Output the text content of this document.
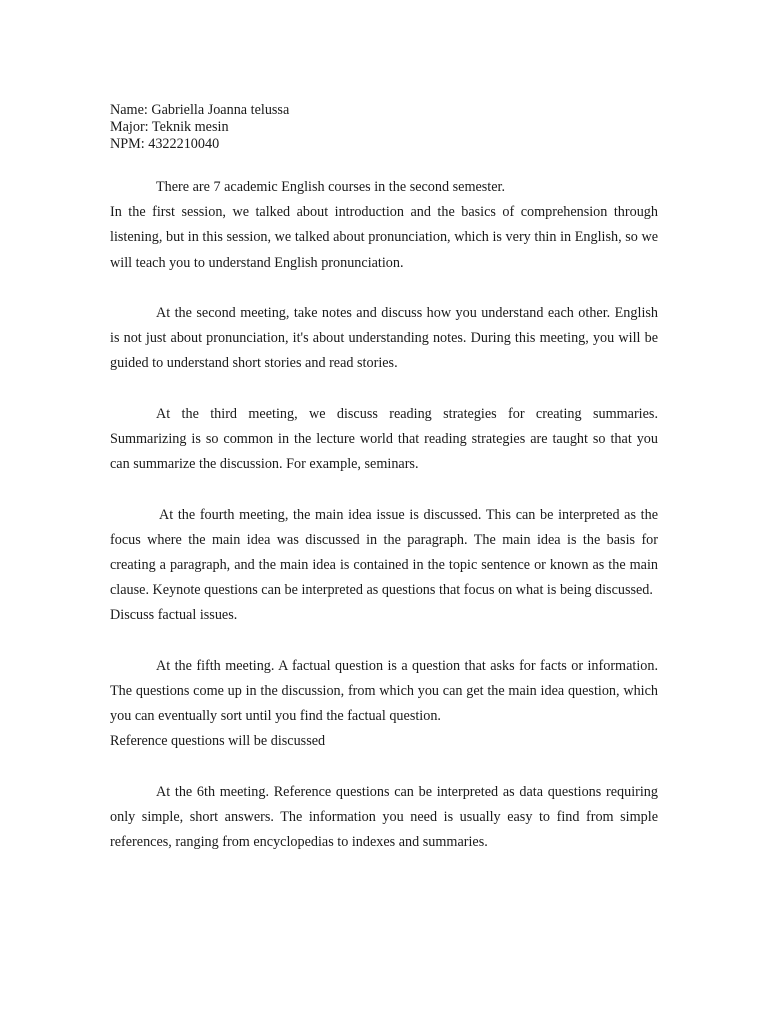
Name: Gabriella Joanna telussa
Major: Teknik mesin
NPM: 4322210040

There are 7 academic English courses in the second semester.

In the first session, we talked about introduction and the basics of comprehension through listening, but in this session, we talked about pronunciation, which is very thin in English, so we will teach you to understand English pronunciation.

At the second meeting, take notes and discuss how you understand each other. English is not just about pronunciation, it's about understanding notes. During this meeting, you will be guided to understand short stories and read stories.

At the third meeting, we discuss reading strategies for creating summaries. Summarizing is so common in the lecture world that reading strategies are taught so that you can summarize the discussion. For example, seminars.

At the fourth meeting, the main idea issue is discussed. This can be interpreted as the focus where the main idea was discussed in the paragraph. The main idea is the basis for creating a paragraph, and the main idea is contained in the topic sentence or known as the main clause. Keynote questions can be interpreted as questions that focus on what is being discussed.

Discuss factual issues.

At the fifth meeting. A factual question is a question that asks for facts or information. The questions come up in the discussion, from which you can get the main idea question, which you can eventually sort until you find the factual question.

Reference questions will be discussed

At the 6th meeting. Reference questions can be interpreted as data questions requiring only simple, short answers. The information you need is usually easy to find from simple references, ranging from encyclopedias to indexes and summaries.
